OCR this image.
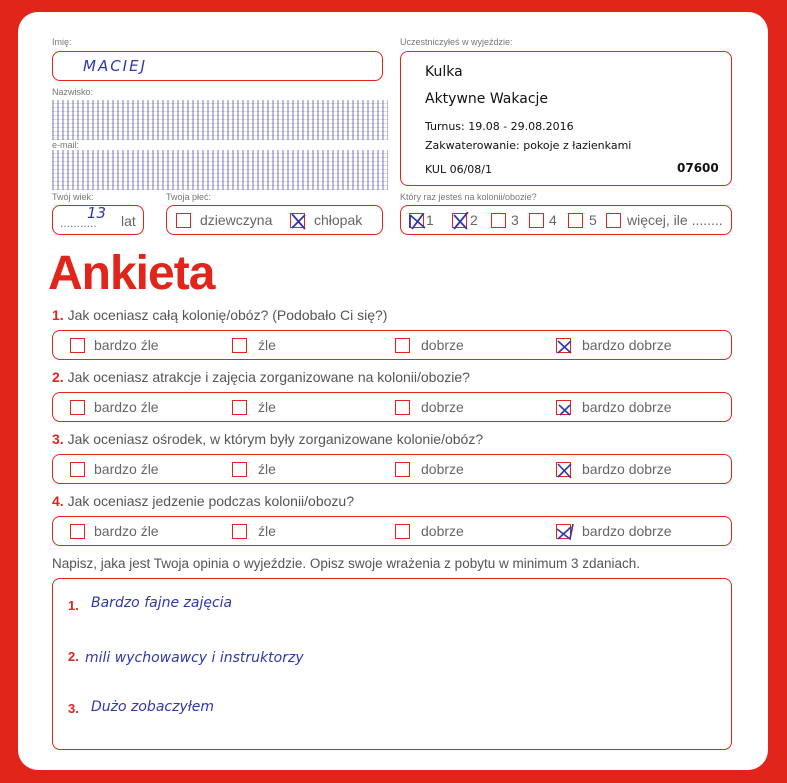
Imię:
MACIEJ
Nazwisko:
e-mail:
Twój wiek:
...........
13 lat
Twoja płeć:
dziewczyna	chłopak
Uczestniczyłeś w wyjeździe:
Kulka
Aktywne Wakacje
Turnus: 19.08 - 29.08.2016
Zakwaterowanie: pokoje z łazienkami
KUL 06/08/1	07600
Który raz jesteś na kolonii/obozie?
1	2 3 4 5 więcej, ile ........
Ankieta
1. Jak oceniasz całą kolonię/obóz? (Podobało Ci się?)
bardzo źle	źle	dobrze	bardzo dobrze
2. Jak oceniasz atrakcje i zajęcia zorganizowane na kolonii/obozie?
bardzo źle	źle	dobrze	bardzo dobrze
3. Jak oceniasz ośrodek, w którym były zorganizowane kolonie/obóz?
bardzo źle	źle	dobrze	bardzo dobrze
4. Jak oceniasz jedzenie podczas kolonii/obozu?
bardzo źle	źle	dobrze	bardzo dobrze
Napisz, jaka jest Twoja opinia o wyjeździe. Opisz swoje wrażenia z pobytu w minimum 3 zdaniach.
1. Bardzo fajne zajęcia
2. mili wychowawcy i instruktorzy
3. Dużo zobaczyłem
